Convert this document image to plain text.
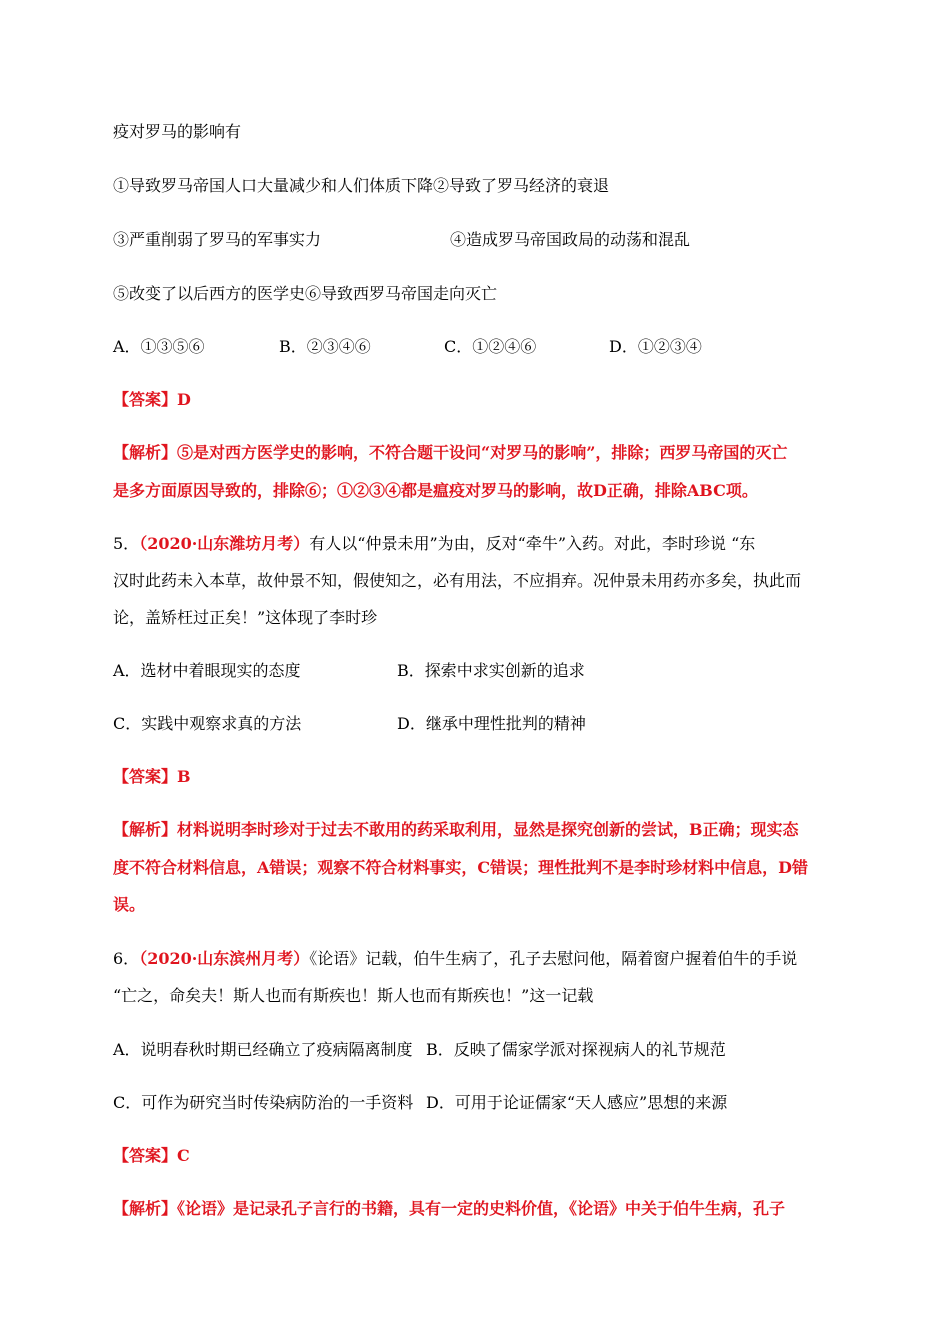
疫对罗马的影响有
①导致罗马帝国人口大量减少和人们体质下降②导致了罗马经济的衰退
③严重削弱了罗马的军事实力	④造成罗马帝国政局的动荡和混乱
⑤改变了以后西方的医学史⑥导致西罗马帝国走向灭亡
A．①③⑤⑥	B．②③④⑥	C．①②④⑥	D．①②③④
【答案】D
【解析】⑤是对西方医学史的影响，不符合题干设问“对罗马的影响”，排除；西罗马帝国的灭亡
是多方面原因导致的，排除⑥；①②③④都是瘟疫对罗马的影响，故D正确，排除ABC项。
5．（2020·山东潍坊月考）有人以“仲景未用”为由，反对“牵牛”入药。对此，李时珍说 “东
汉时此药未入本草，故仲景不知，假使知之，必有用法，不应捐弃。况仲景未用药亦多矣，执此而
论，盖矫枉过正矣！”这体现了李时珍
A．选材中着眼现实的态度	B．探索中求实创新的追求
C．实践中观察求真的方法	D．继承中理性批判的精神
【答案】B
【解析】材料说明李时珍对于过去不敢用的药采取利用，显然是探究创新的尝试，B正确；现实态
度不符合材料信息，A错误；观察不符合材料事实，C错误；理性批判不是李时珍材料中信息，D错
误。
6．（2020·山东滨州月考）《论语》记载，伯牛生病了，孔子去慰问他，隔着窗户握着伯牛的手说
“亡之，命矣夫！斯人也而有斯疾也！斯人也而有斯疾也！”这一记载
A．说明春秋时期已经确立了疫病隔离制度 B．反映了儒家学派对探视病人的礼节规范
C．可作为研究当时传染病防治的一手资料 D．可用于论证儒家“天人感应”思想的来源
【答案】C
【解析】《论语》是记录孔子言行的书籍，具有一定的史料价值，《论语》中关于伯牛生病，孔子
